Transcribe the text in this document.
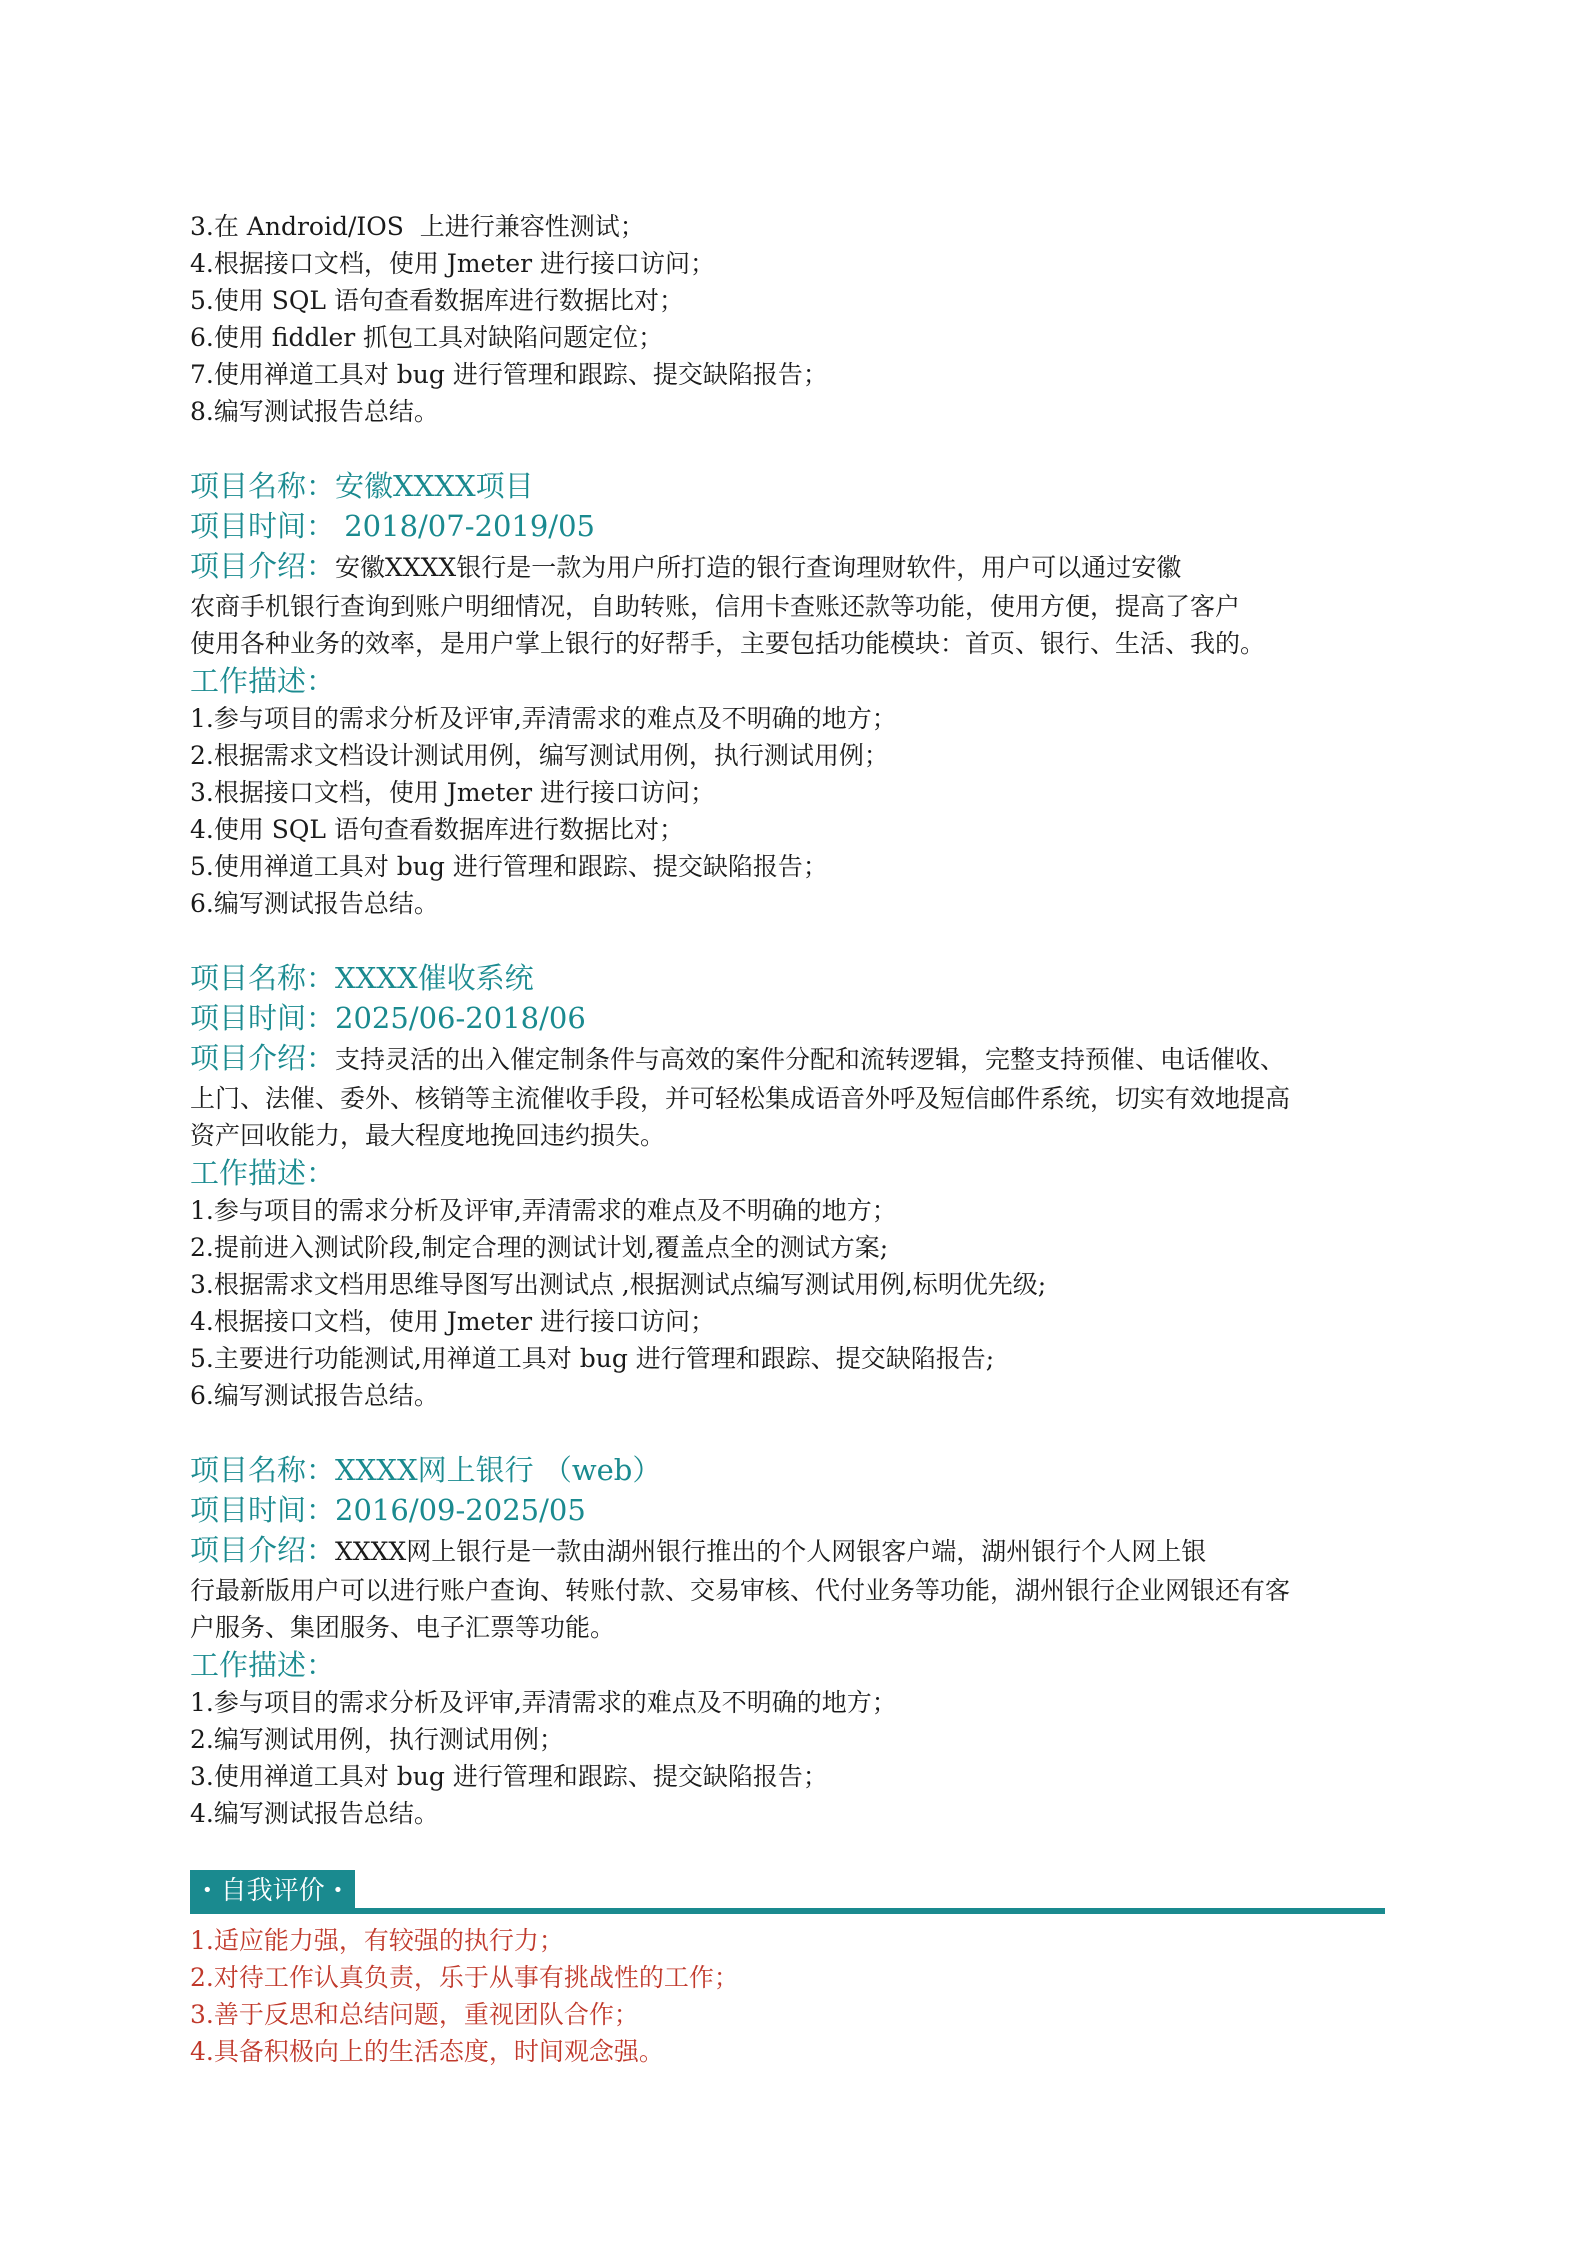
3.在 Android/IOS  上进行兼容性测试；

4.根据接口文档，使用 Jmeter 进行接口访问；

5.使用 SQL 语句查看数据库进行数据比对；

6.使用 fiddler 抓包工具对缺陷问题定位；

7.使用禅道工具对 bug 进行管理和跟踪、提交缺陷报告；

8.编写测试报告总结。

项目名称：安徽XXXX项目

项目时间： 2018/07-2019/05

项目介绍：安徽XXXX银行是一款为用户所打造的银行查询理财软件，用户可以通过安徽

农商手机银行查询到账户明细情况，自助转账，信用卡查账还款等功能，使用方便，提高了客户

使用各种业务的效率，是用户掌上银行的好帮手，主要包括功能模块：首页、银行、生活、我的。

工作描述：

1.参与项目的需求分析及评审,弄清需求的难点及不明确的地方；

2.根据需求文档设计测试用例，编写测试用例，执行测试用例；

3.根据接口文档，使用 Jmeter 进行接口访问；

4.使用 SQL 语句查看数据库进行数据比对；

5.使用禅道工具对 bug 进行管理和跟踪、提交缺陷报告；

6.编写测试报告总结。

项目名称：XXXX催收系统

项目时间：2025/06-2018/06

项目介绍：支持灵活的出入催定制条件与高效的案件分配和流转逻辑，完整支持预催、电话催收、

上门、法催、委外、核销等主流催收手段，并可轻松集成语音外呼及短信邮件系统，切实有效地提高

资产回收能力，最大程度地挽回违约损失。

工作描述：

1.参与项目的需求分析及评审,弄清需求的难点及不明确的地方；

2.提前进入测试阶段,制定合理的测试计划,覆盖点全的测试方案;

3.根据需求文档用思维导图写出测试点 ,根据测试点编写测试用例,标明优先级;

4.根据接口文档，使用 Jmeter 进行接口访问；

5.主要进行功能测试,用禅道工具对 bug 进行管理和跟踪、提交缺陷报告;

6.编写测试报告总结。

项目名称：XXXX网上银行 （web）

项目时间：2016/09-2025/05

项目介绍：XXXX网上银行是一款由湖州银行推出的个人网银客户端，湖州银行个人网上银

行最新版用户可以进行账户查询、转账付款、交易审核、代付业务等功能，湖州银行企业网银还有客

户服务、集团服务、电子汇票等功能。

工作描述：

1.参与项目的需求分析及评审,弄清需求的难点及不明确的地方；

2.编写测试用例，执行测试用例；

3.使用禅道工具对 bug 进行管理和跟踪、提交缺陷报告；

4.编写测试报告总结。

• 自我评价 •

1.适应能力强，有较强的执行力；

2.对待工作认真负责，乐于从事有挑战性的工作；

3.善于反思和总结问题，重视团队合作；

4.具备积极向上的生活态度，时间观念强。
